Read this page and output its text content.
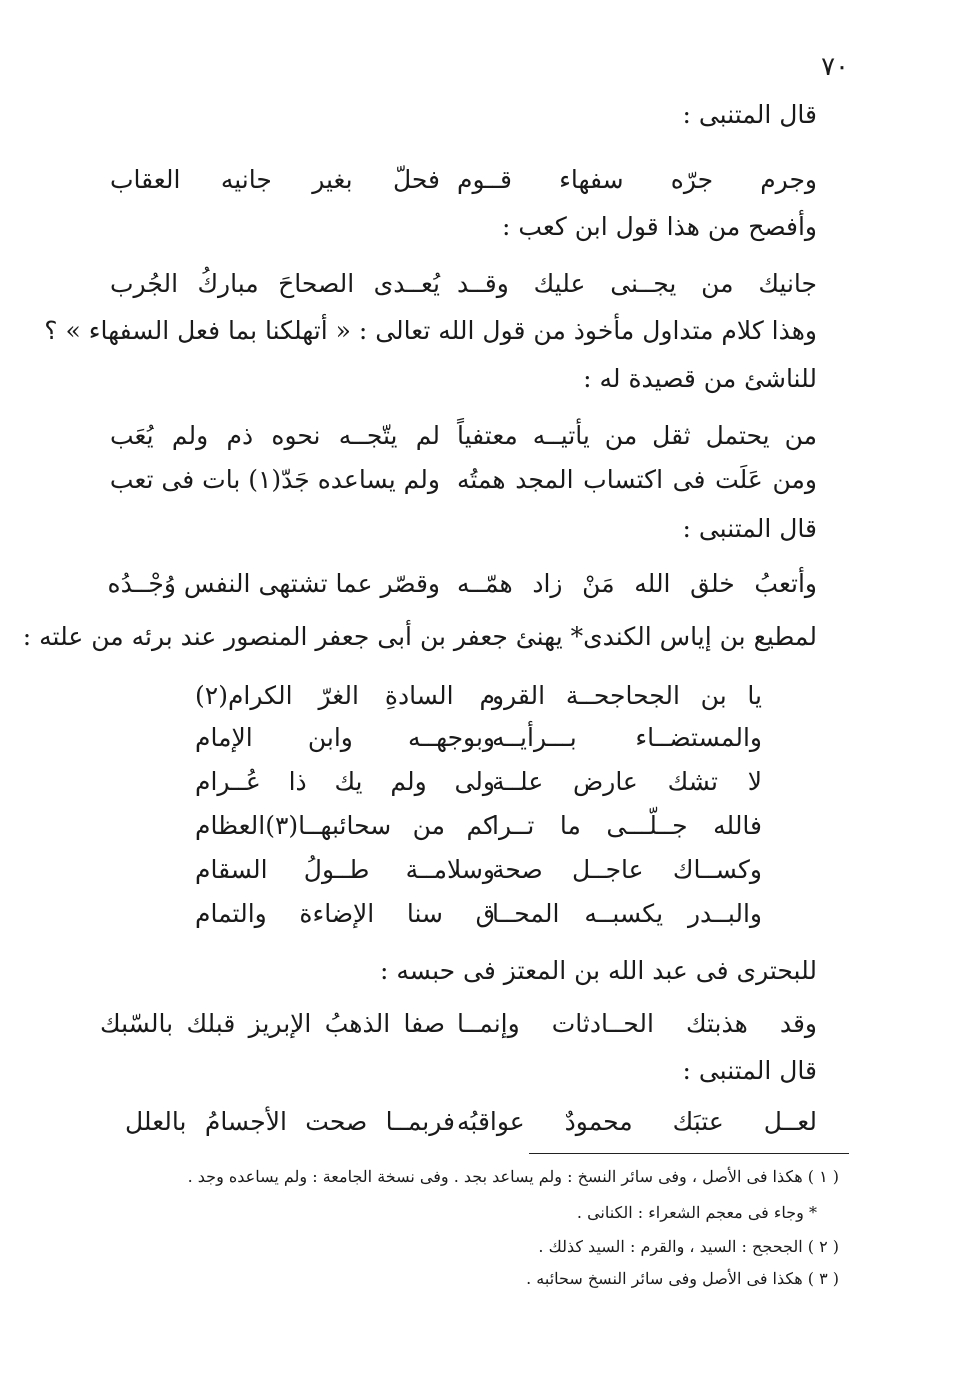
٧٠
قال المتنبى :
وجرم جرّه سفهاء قــوم
فحلّ بغير جانيه العقاب
وأفصح من هذا قول ابن كعب :
جانيك من يجــنى عليك وقــد
يُعــدى الصحاحَ مباركُ الجُرب
وهذا كلام متداول مأخوذ من قول الله تعالى : « أتهلكنا بما فعل السفهاء » ؟
للناشئ من قصيدة له :
من يحتمل ثقل من يأتيــه معتفياً
لم يتّجــه نحوه ذم ولم يُعَب
ومن عَلَت فى اكتساب المجد همتُه
ولم يساعده جَدّ(١) بات فى تعب
قال المتنبى :
وأتعبُ خلق الله مَنْ زاد همّــه
وقصّر عما تشتهى النفس وُجْــدُه
لمطيع بن إياس الكندى* يهنئ جعفر بن أبى جعفر المنصور عند برئه من علته :
يا بن الجحاجحــة القرو
م السادةِ الغرّ الكرام(٢)
والمستضــاء بـــرأيــه
وبوجهــه وابن الإمام
لا تشك عارض علــة
ولى ولم يك ذا عُــرام
فالله جــلّـــى ما تــرا
كم من سحائبهــا(٣)العظام
وكســاك عاجــل صحة
وسلامــة طــولُ السقام
والبــدر يكسبــه المحــا
ق سنا الإضاءة والتمام
للبحترى فى عبد الله بن المعتز فى حبسه :
وقد هذبتك الحــادثات وإنمــا
صفا الذهبُ الإبريز قبلك بالسّبك
قال المتنبى :
لعــل عتبَك محمودٌ عواقبُه
فربمــا صحت الأجسامُ بالعلل
( ١ ) هكذا فى الأصل ، وفى سائر النسخ : ولم يساعد بجد . وفى نسخة الجامعة : ولم يساعده وجد .
* وجاء فى معجم الشعراء : الكنانى .
( ٢ ) الجحجح : السيد ، والقرم : السيد كذلك .
( ٣ ) هكذا فى الأصل وفى سائر النسخ سحائبه .
